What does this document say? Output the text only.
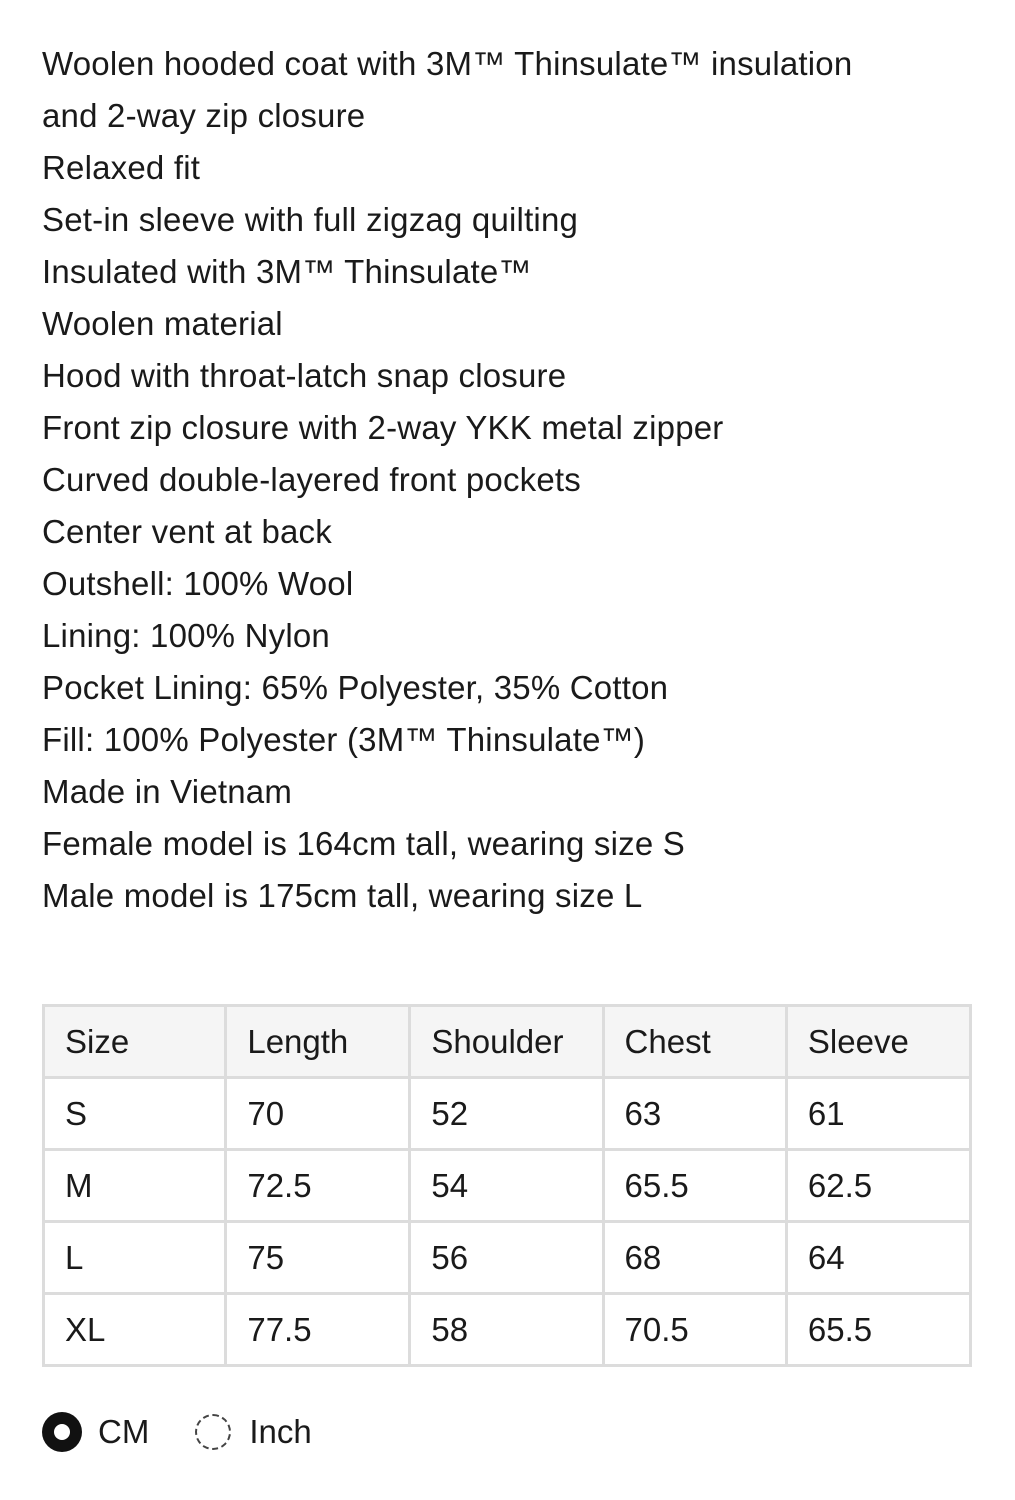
Woolen hooded coat with 3M™ Thinsulate™ insulation
and 2-way zip closure
Relaxed fit
Set-in sleeve with full zigzag quilting
Insulated with 3M™ Thinsulate™
Woolen material
Hood with throat-latch snap closure
Front zip closure with 2-way YKK metal zipper
Curved double-layered front pockets
Center vent at back
Outshell: 100% Wool
Lining: 100% Nylon
Pocket Lining: 65% Polyester, 35% Cotton
Fill: 100% Polyester (3M™ Thinsulate™)
Made in Vietnam
Female model is 164cm tall, wearing size S
Male model is 175cm tall, wearing size L
Size	Length	Shoulder	Chest	Sleeve
S	70	52	63	61
M	72.5	54	65.5	62.5
L	75	56	68	64
XL	77.5	58	70.5	65.5
CM	Inch
